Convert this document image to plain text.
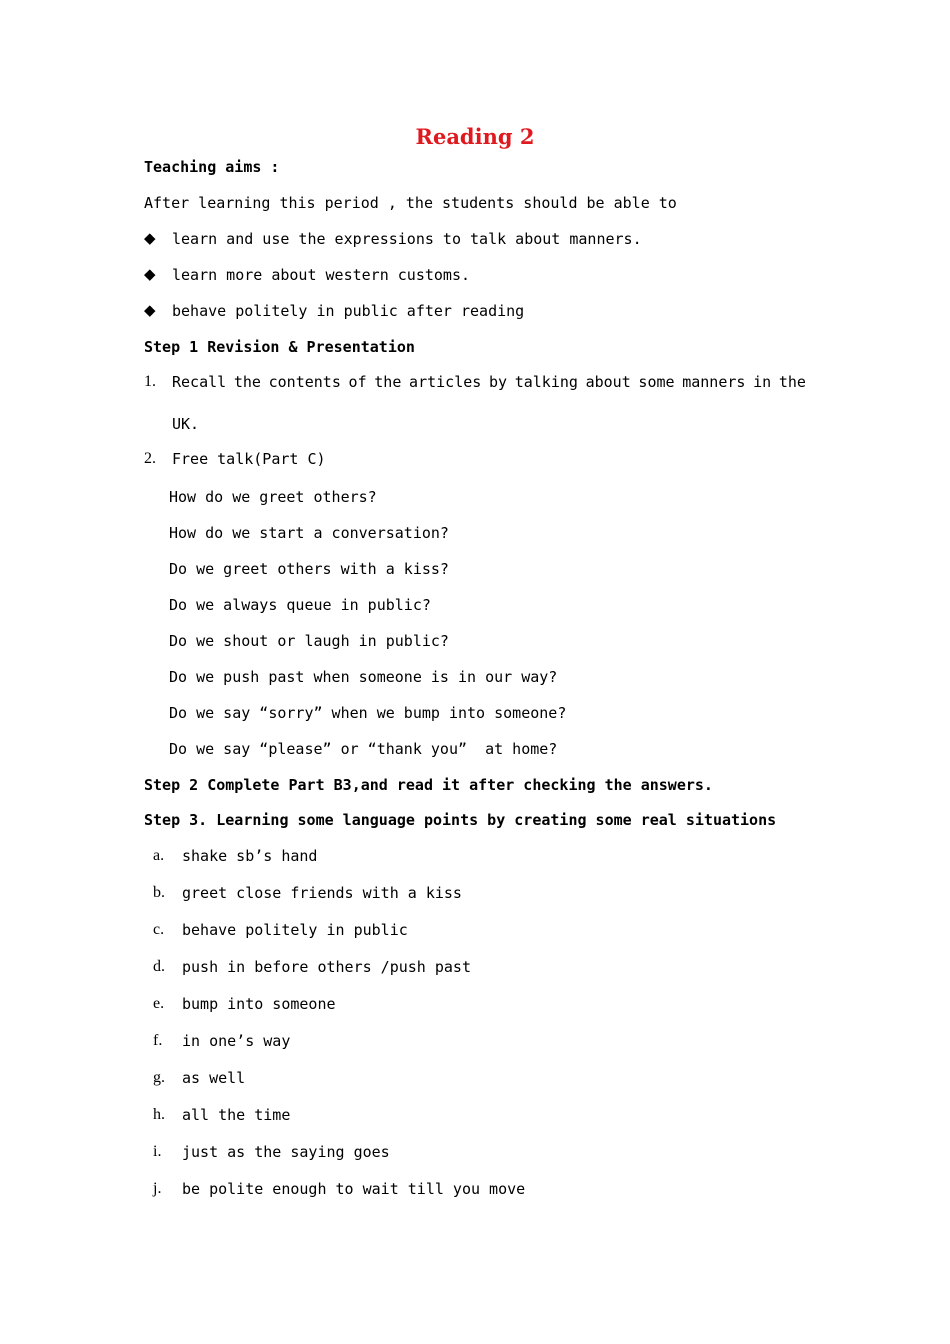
Reading 2
Teaching aims :
After learning this period , the students should be able to
◆ learn and use the expressions to talk about manners.
◆ learn more about western customs.
◆ behave politely in public after reading
Step 1 Revision & Presentation
1. Recall the contents of the articles by talking about some manners in the
UK.
2. Free talk(Part C)
How do we greet others?
How do we start a conversation?
Do we greet others with a kiss?
Do we always queue in public?
Do we shout or laugh in public?
Do we push past when someone is in our way?
Do we say “sorry” when we bump into someone?
Do we say “please” or “thank you”  at home?
Step 2 Complete Part B3,and read it after checking the answers.
Step 3. Learning some language points by creating some real situations
a. shake sb’s hand
b. greet close friends with a kiss
c. behave politely in public
d. push in before others /push past
e. bump into someone
f. in one’s way
g. as well
h. all the time
i. just as the saying goes
j. be polite enough to wait till you move
